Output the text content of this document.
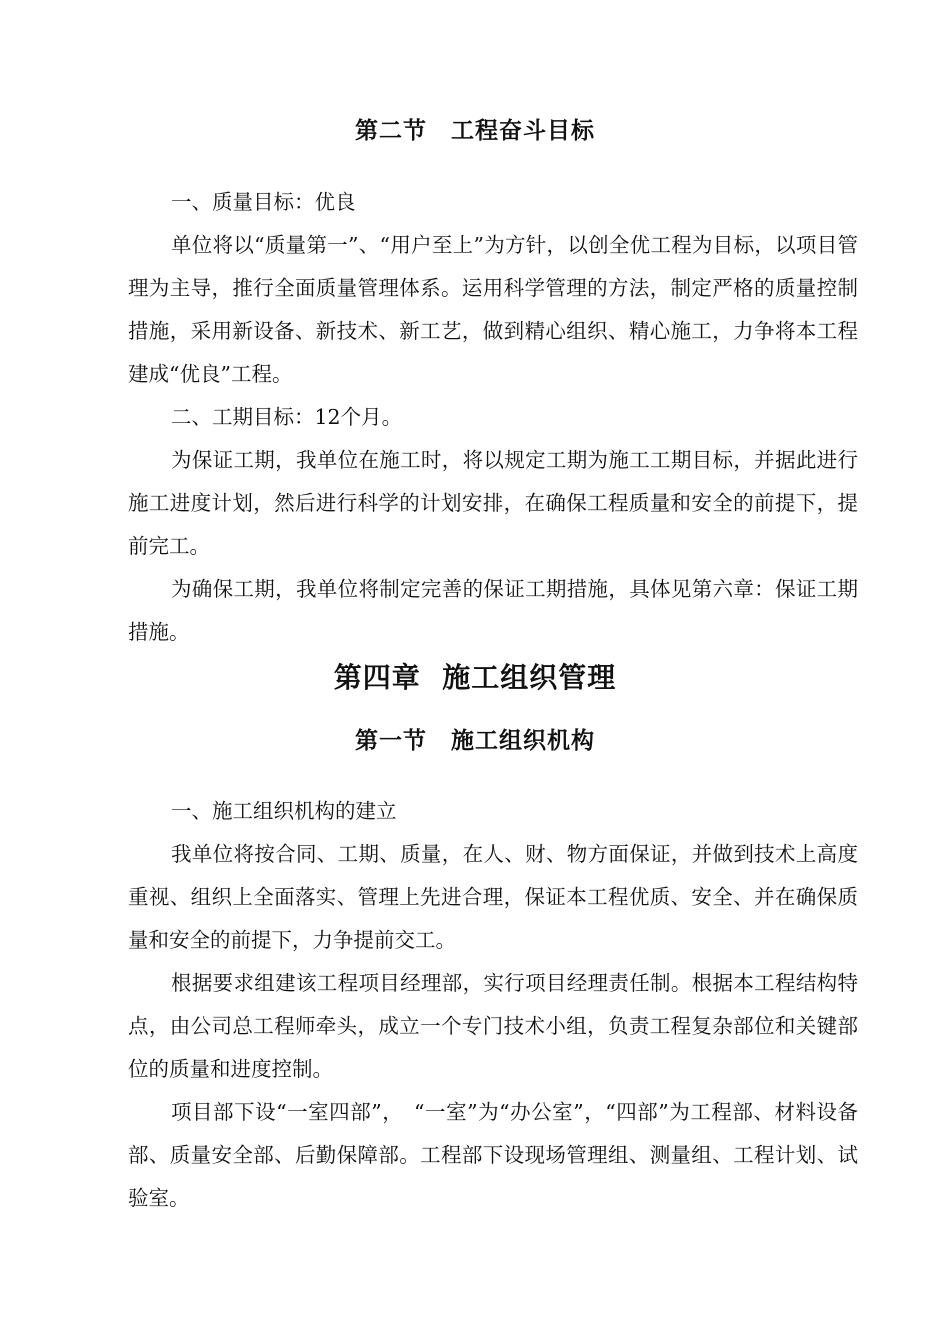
第二节　工程奋斗目标

一、质量目标：优良

单位将以“质量第一”、“用户至上”为方针，以创全优工程为目标，以项目管理为主导，推行全面质量管理体系。运用科学管理的方法，制定严格的质量控制措施，采用新设备、新技术、新工艺，做到精心组织、精心施工，力争将本工程建成“优良”工程。

二、工期目标：12个月。

为保证工期，我单位在施工时，将以规定工期为施工工期目标，并据此进行施工进度计划，然后进行科学的计划安排，在确保工程质量和安全的前提下，提前完工。

为确保工期，我单位将制定完善的保证工期措施，具体见第六章：保证工期措施。

第四章  施工组织管理
第一节　施工组织机构

一、施工组织机构的建立

我单位将按合同、工期、质量，在人、财、物方面保证，并做到技术上高度重视、组织上全面落实、管理上先进合理，保证本工程优质、安全、并在确保质量和安全的前提下，力争提前交工。

根据要求组建该工程项目经理部，实行项目经理责任制。根据本工程结构特点，由公司总工程师牵头，成立一个专门技术小组，负责工程复杂部位和关键部位的质量和进度控制。

项目部下设“一室四部”，　“一室”为“办公室”，“四部”为工程部、材料设备部、质量安全部、后勤保障部。工程部下设现场管理组、测量组、工程计划、试验室。
